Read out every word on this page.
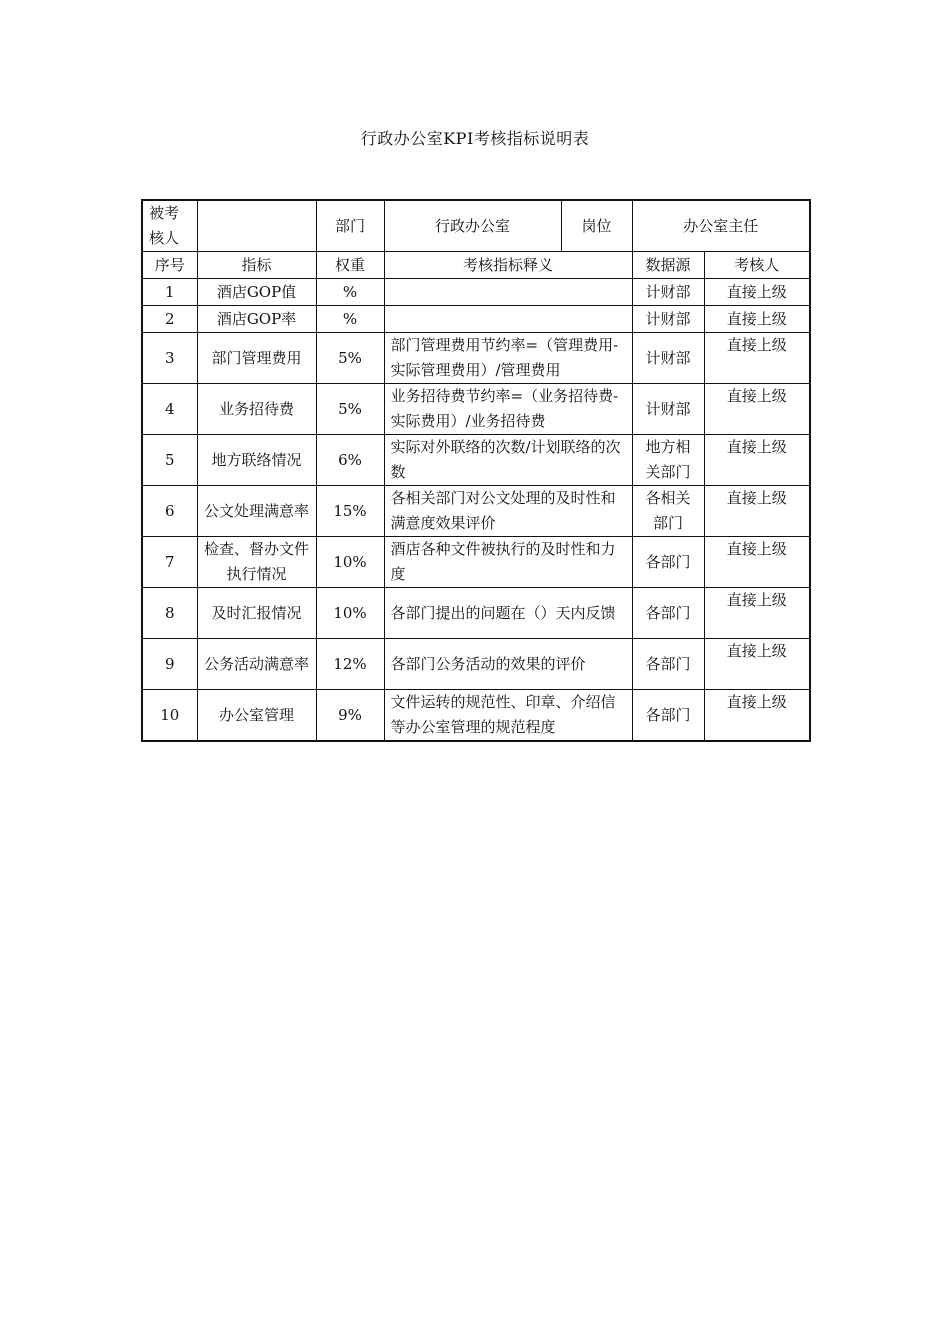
行政办公室KPI考核指标说明表
被考核人		部门	行政办公室	岗位	办公室主任	
序号	指标	权重	考核指标释义		数据源	考核人
1	酒店GOP值	%			计财部	直接上级
2	酒店GOP率	%			计财部	直接上级
3	部门管理费用	5%	部门管理费用节约率=（管理费用-实际管理费用）/管理费用		计财部	直接上级
4	业务招待费	5%	业务招待费节约率=（业务招待费-实际费用）/业务招待费		计财部	直接上级
5	地方联络情况	6%	实际对外联络的次数/计划联络的次数		地方相关部门	直接上级
6	公文处理满意率	15%	各相关部门对公文处理的及时性和满意度效果评价		各相关部门	直接上级
7	检查、督办文件执行情况	10%	酒店各种文件被执行的及时性和力度		各部门	直接上级
8	及时汇报情况	10%	各部门提出的问题在（）天内反馈		各部门	直接上级
9	公务活动满意率	12%	各部门公务活动的效果的评价		各部门	直接上级
10	办公室管理	9%	文件运转的规范性、印章、介绍信等办公室管理的规范程度		各部门	直接上级
